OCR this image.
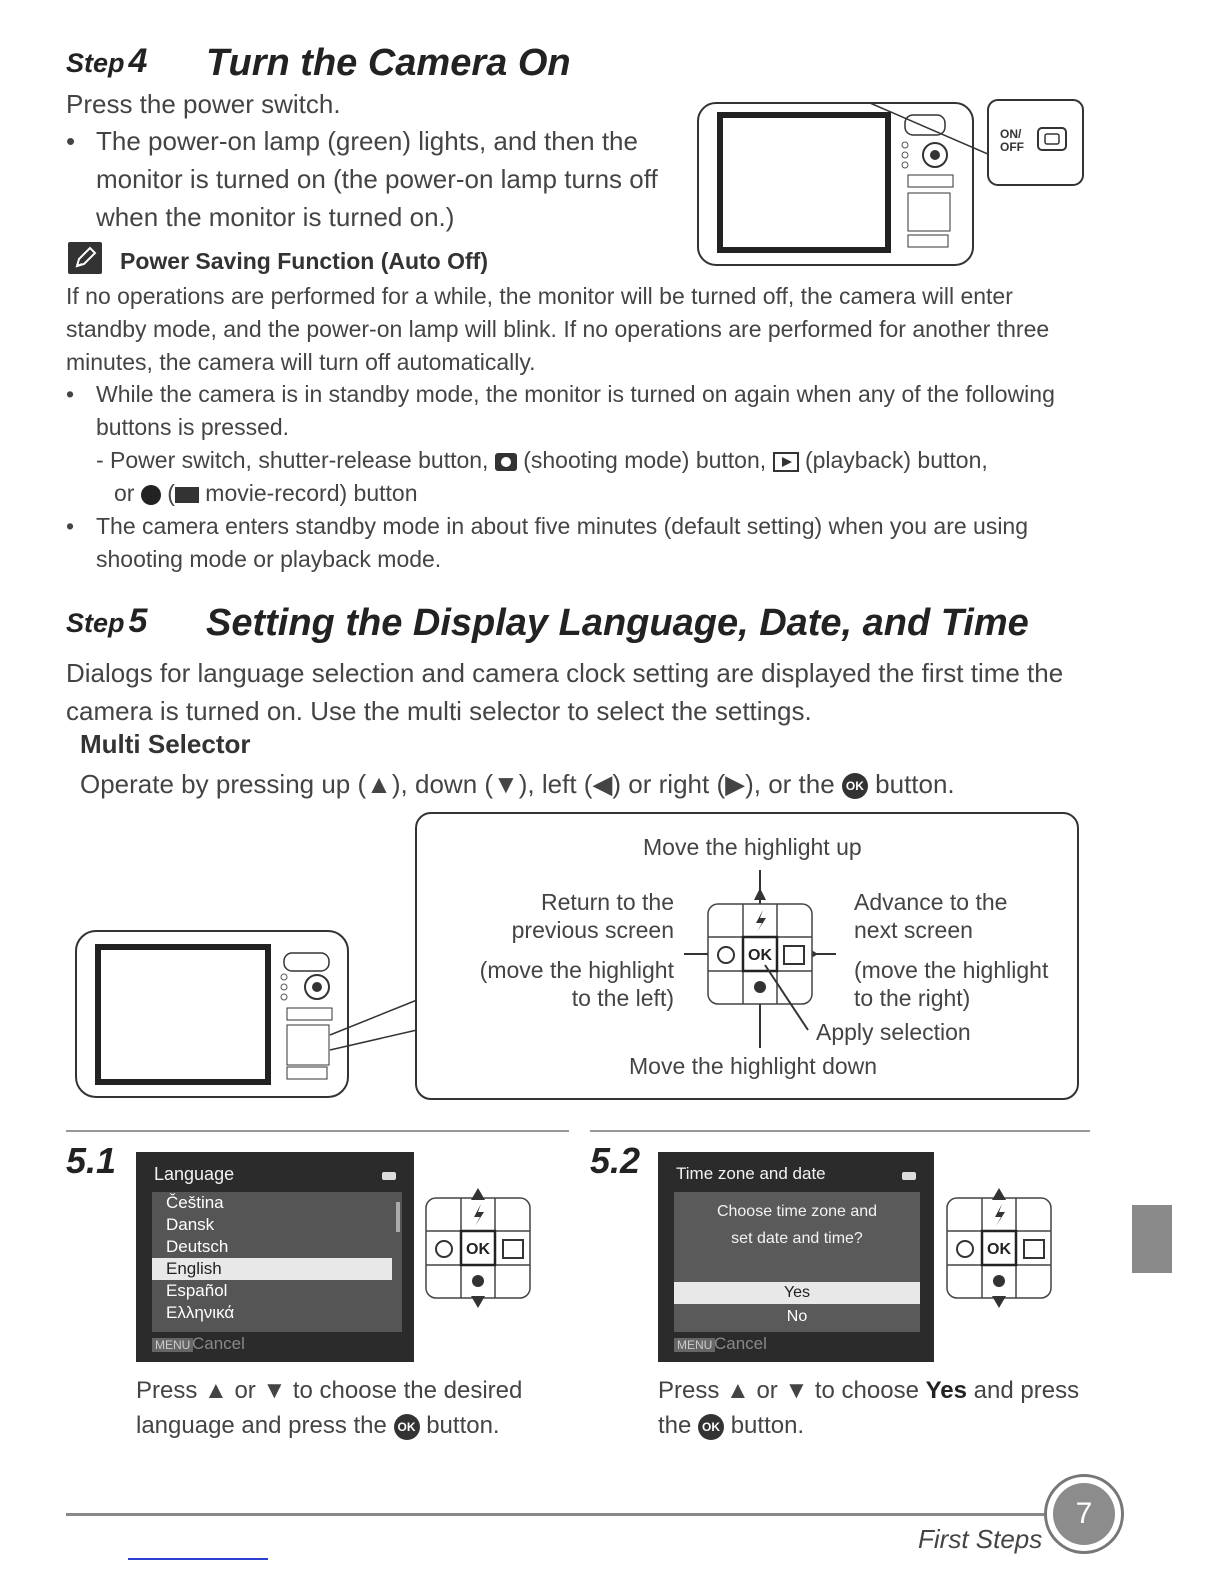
Step 4 Turn the Camera On
Press the power switch.
• The power-on lamp (green) lights, and then the monitor is turned on (the power-on lamp turns off when the monitor is turned on.)
ON/ OFF
Power Saving Function (Auto Off)
If no operations are performed for a while, the monitor will be turned off, the camera will enter standby mode, and the power-on lamp will blink. If no operations are performed for another three minutes, the camera will turn off automatically.
• While the camera is in standby mode, the monitor is turned on again when any of the following buttons is pressed.
- Power switch, shutter-release button,
(shooting mode) button,
(playback) button,
or  ( movie-record) button
• The camera enters standby mode in about five minutes (default setting) when you are using shooting mode or playback mode.
Step 5 Setting the Display Language, Date, and Time
Dialogs for language selection and camera clock setting are displayed the first time the camera is turned on. Use the multi selector to select the settings.
Multi Selector
Operate by pressing up (▲), down (▼), left (◀) or right (▶), or the OK button.
Move the highlight up
Return to the
previous screen
(move the highlight
to the left)
Advance to the
next screen
(move the highlight
to the right)
Apply selection
Move the highlight down
OK
5.1 Language
Čeština
Dansk
Deutsch
English
Español
Ελληνικά
MENU Cancel
OK
Press ▲ or ▼ to choose the desired
language and press the OK button.
5.2 Time zone and date
Choose time zone and
set date and time?
Yes
No
MENU Cancel
OK
Press ▲ or ▼ to choose Yes and press
the OK button.
First Steps
7
